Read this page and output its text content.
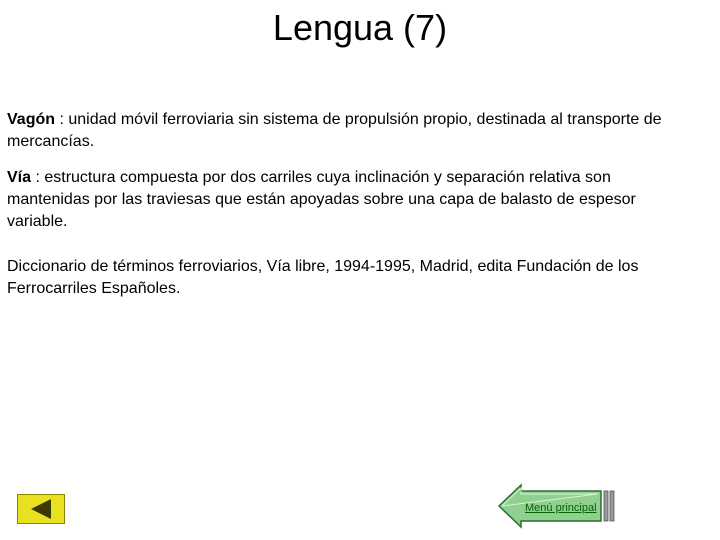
Lengua (7)

Vagón : unidad móvil ferroviaria sin sistema de propulsión propio, destinada al transporte de mercancías.

Vía : estructura compuesta por dos carriles cuya inclinación y separación relativa son mantenidas por las traviesas que están apoyadas sobre una capa de balasto de espesor variable.

Diccionario de términos ferroviarios, Vía libre, 1994-1995, Madrid, edita Fundación de los Ferrocarriles Españoles.

Menú principal
